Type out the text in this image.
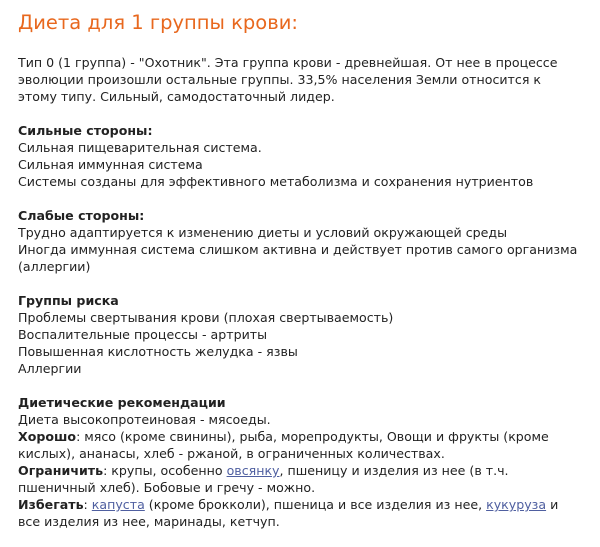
Диета для 1 группы крови:
Тип 0 (1 группа) - "Охотник". Эта группа крови - древнейшая. От нее в процессе
эволюции произошли остальные группы. 33,5% населения Земли относится к
этому типу. Сильный, самодостаточный лидер.
Сильные стороны:
Сильная пищеварительная система.
Сильная иммунная система
Системы созданы для эффективного метаболизма и сохранения нутриентов
Слабые стороны:
Трудно адаптируется к изменению диеты и условий окружающей среды
Иногда иммунная система слишком активна и действует против самого организма
(аллергии)
Группы риска
Проблемы свертывания крови (плохая свертываемость)
Воспалительные процессы - артриты
Повышенная кислотность желудка - язвы
Аллергии
Диетические рекомендации
Диета высокопротеиновая - мясоеды.
Хорошо: мясо (кроме свинины), рыба, морепродукты, Овощи и фрукты (кроме
кислых), ананасы, хлеб - ржаной, в ограниченных количествах.
Ограничить: крупы, особенно овсянку, пшеницу и изделия из нее (в т.ч.
пшеничный хлеб). Бобовые и гречу - можно.
Избегать: капуста (кроме брокколи), пшеница и все изделия из нее, кукуруза и
все изделия из нее, маринады, кетчуп.
